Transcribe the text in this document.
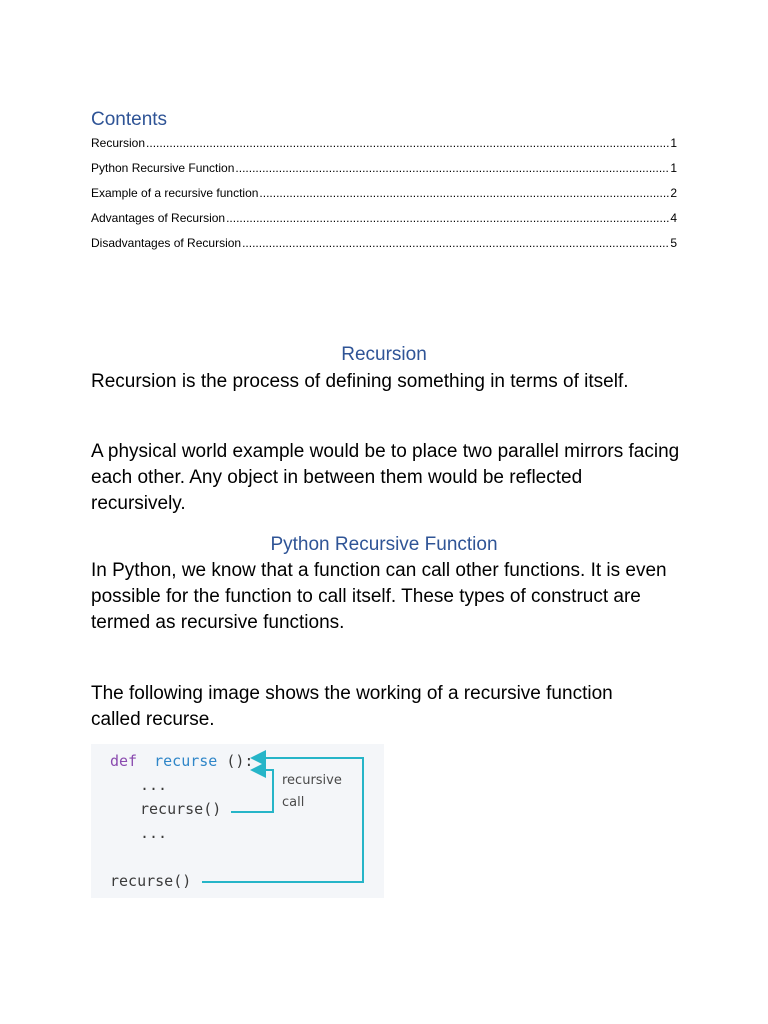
Contents
Recursion .....	1
Python Recursive Function .....	1
Example of a recursive function .....	2
Advantages of Recursion .....	4
Disadvantages of Recursion .....	5
Recursion

Recursion is the process of defining something in terms of itself.

A physical world example would be to place two parallel mirrors facing each other. Any object in between them would be reflected recursively.

Python Recursive Function

In Python, we know that a function can call other functions. It is even possible for the function to call itself. These types of construct are termed as recursive functions.

The following image shows the working of a recursive function called recurse.

def recurse ():
...
recurse()
...
recurse()
recursive
call
